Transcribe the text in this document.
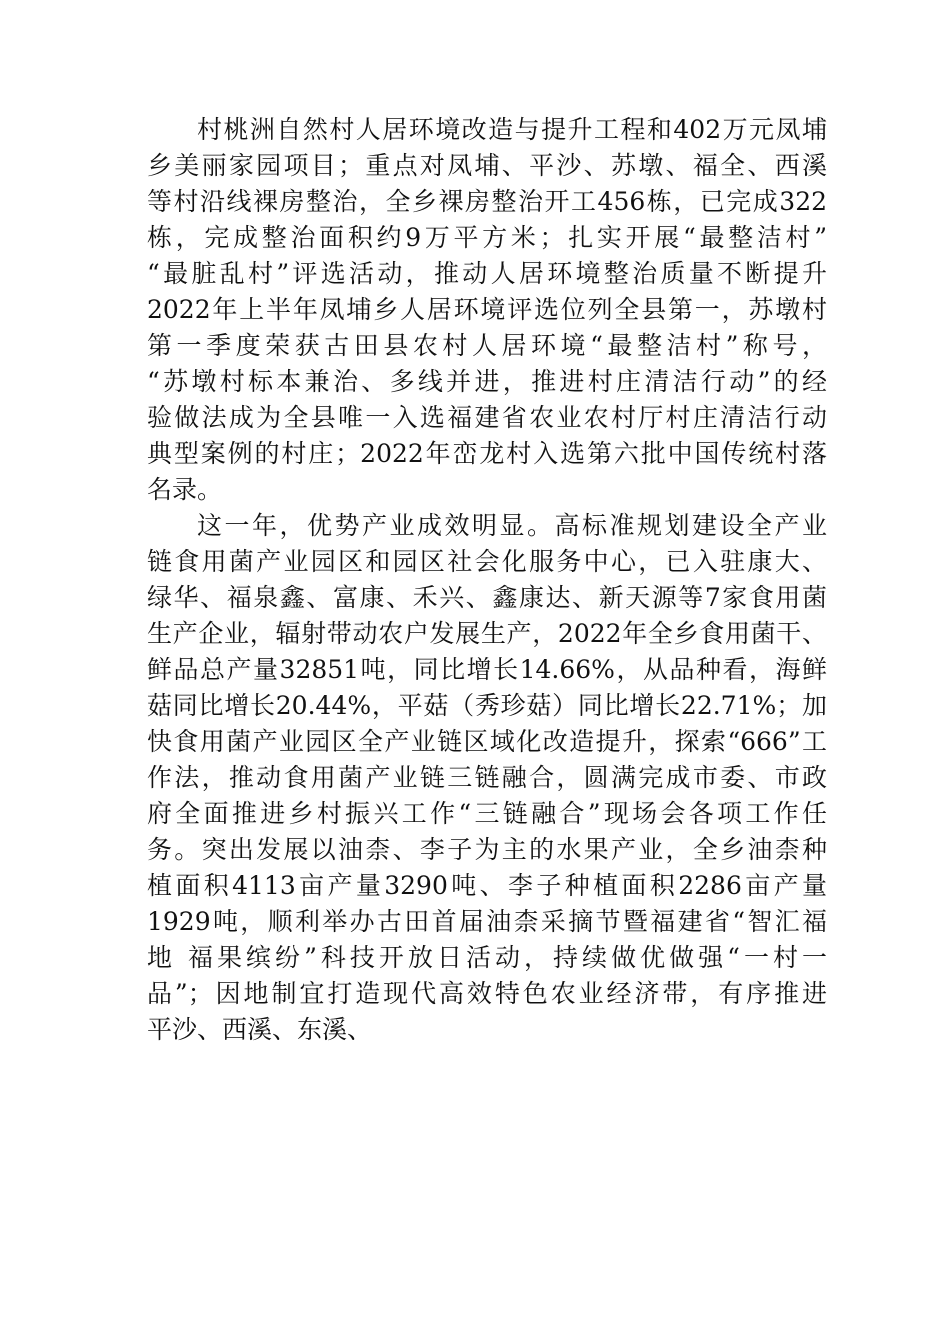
村桃洲自然村人居环境改造与提升工程和402万元凤埔
乡美丽家园项目；重点对凤埔、平沙、苏墩、福全、西溪
等村沿线裸房整治，全乡裸房整治开工456栋，已完成322
栋，完成整治面积约9万平方米；扎实开展“最整洁村”
“最脏乱村”评选活动，推动人居环境整治质量不断提升
2022年上半年凤埔乡人居环境评选位列全县第一，苏墩村
第一季度荣获古田县农村人居环境“最整洁村”称号，
“苏墩村标本兼治、多线并进，推进村庄清洁行动”的经
验做法成为全县唯一入选福建省农业农村厅村庄清洁行动
典型案例的村庄；2022年峦龙村入选第六批中国传统村落
名录。
这一年，优势产业成效明显。高标准规划建设全产业
链食用菌产业园区和园区社会化服务中心，已入驻康大、
绿华、福泉鑫、富康、禾兴、鑫康达、新天源等7家食用菌
生产企业，辐射带动农户发展生产，2022年全乡食用菌干、
鲜品总产量32851吨，同比增长14.66%，从品种看，海鲜
菇同比增长20.44%，平菇（秀珍菇）同比增长22.71%；加
快食用菌产业园区全产业链区域化改造提升，探索“666”工
作法，推动食用菌产业链三链融合，圆满完成市委、市政
府全面推进乡村振兴工作“三链融合”现场会各项工作任
务。突出发展以油柰、李子为主的水果产业，全乡油柰种
植面积4113亩产量3290吨、李子种植面积2286亩产量
1929吨，顺利举办古田首届油柰采摘节暨福建省“智汇福
地 福果缤纷”科技开放日活动，持续做优做强“一村一
品”；因地制宜打造现代高效特色农业经济带，有序推进
平沙、西溪、东溪、
